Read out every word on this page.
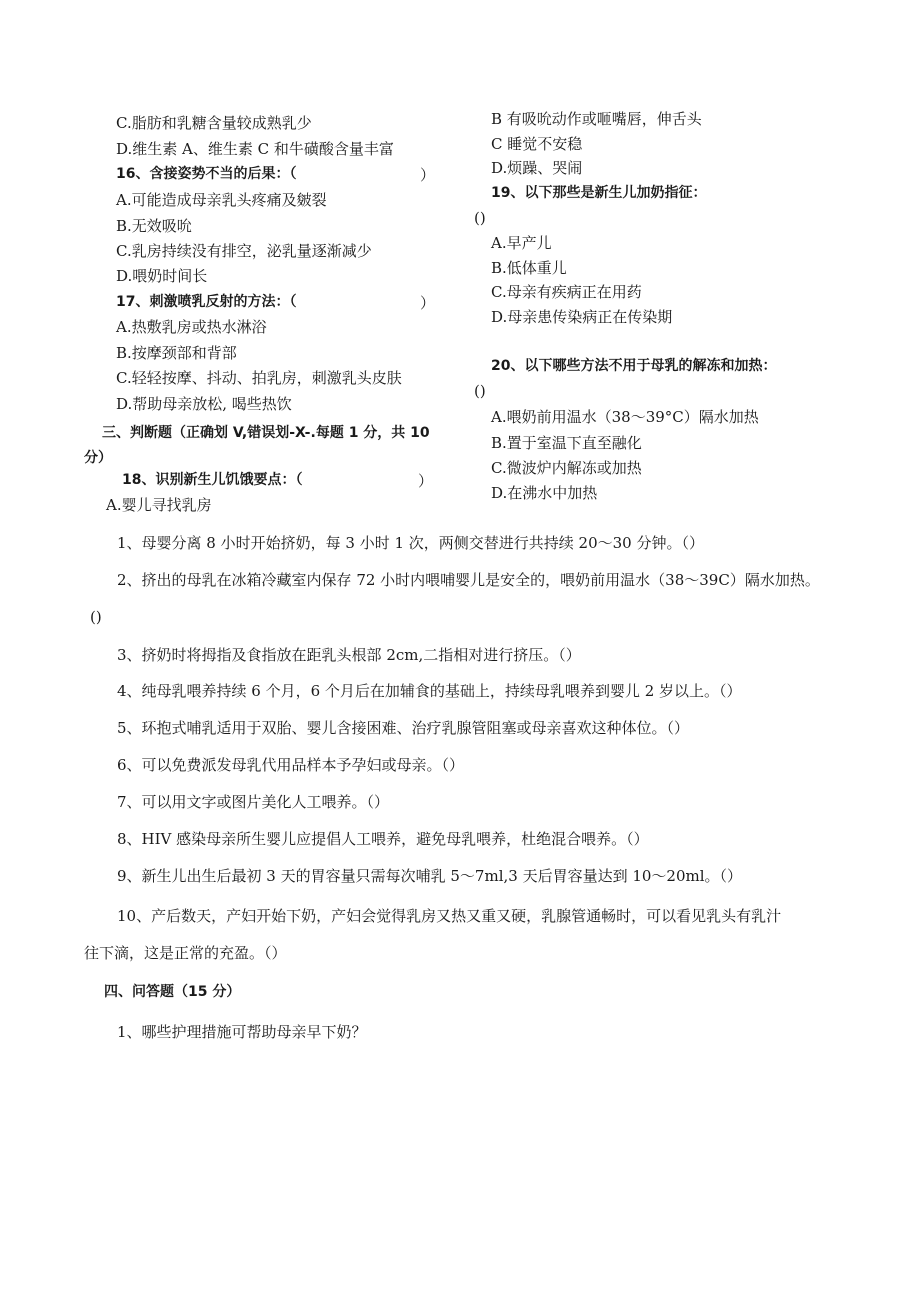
C.脂肪和乳糖含量较成熟乳少
D.维生素 A、维生素 C 和牛磺酸含量丰富
16、含接姿势不当的后果：（	）
A.可能造成母亲乳头疼痛及皴裂
B.无效吸吮
C.乳房持续没有排空，泌乳量逐渐减少
D.喂奶时间长
17、刺激喷乳反射的方法：（	）
A.热敷乳房或热水淋浴
B.按摩颈部和背部
C.轻轻按摩、抖动、拍乳房，刺激乳头皮肤
D.帮助母亲放松, 喝些热饮
三、判断题（正确划 V,错误划-X-.每题 1 分，共 10
分）
18、识别新生儿饥饿要点：（	）
A.婴儿寻找乳房
B 有吸吮动作或咂嘴唇，伸舌头
C 睡觉不安稳
D.烦躁、哭闹
19、以下那些是新生儿加奶指征：
()
A.早产儿
B.低体重儿
C.母亲有疾病正在用药
D.母亲患传染病正在传染期
20、以下哪些方法不用于母乳的解冻和加热：
()
A.喂奶前用温水（38～39°C）隔水加热
B.置于室温下直至融化
C.微波炉内解冻或加热
D.在沸水中加热
1、母婴分离 8 小时开始挤奶，每 3 小时 1 次，两侧交替进行共持续 20～30 分钟。（）
2、挤出的母乳在冰箱冷藏室内保存 72 小时内喂哺婴儿是安全的，喂奶前用温水（38～39C）隔水加热。
()
3、挤奶时将拇指及食指放在距乳头根部 2cm,二指相对进行挤压。（）
4、纯母乳喂养持续 6 个月，6 个月后在加辅食的基础上，持续母乳喂养到婴儿 2 岁以上。（）
5、环抱式哺乳适用于双胎、婴儿含接困难、治疗乳腺管阻塞或母亲喜欢这种体位。（）
6、可以免费派发母乳代用品样本予孕妇或母亲。（）
7、可以用文字或图片美化人工喂养。（）
8、HIV 感染母亲所生婴儿应提倡人工喂养，避免母乳喂养，杜绝混合喂养。（）
9、新生儿出生后最初 3 天的胃容量只需每次哺乳 5～7ml,3 天后胃容量达到 10～20ml。（）
10、产后数天，产妇开始下奶，产妇会觉得乳房又热又重又硬，乳腺管通畅时，可以看见乳头有乳汁
往下滴，这是正常的充盈。（）
四、问答题（15 分）
1、哪些护理措施可帮助母亲早下奶？
